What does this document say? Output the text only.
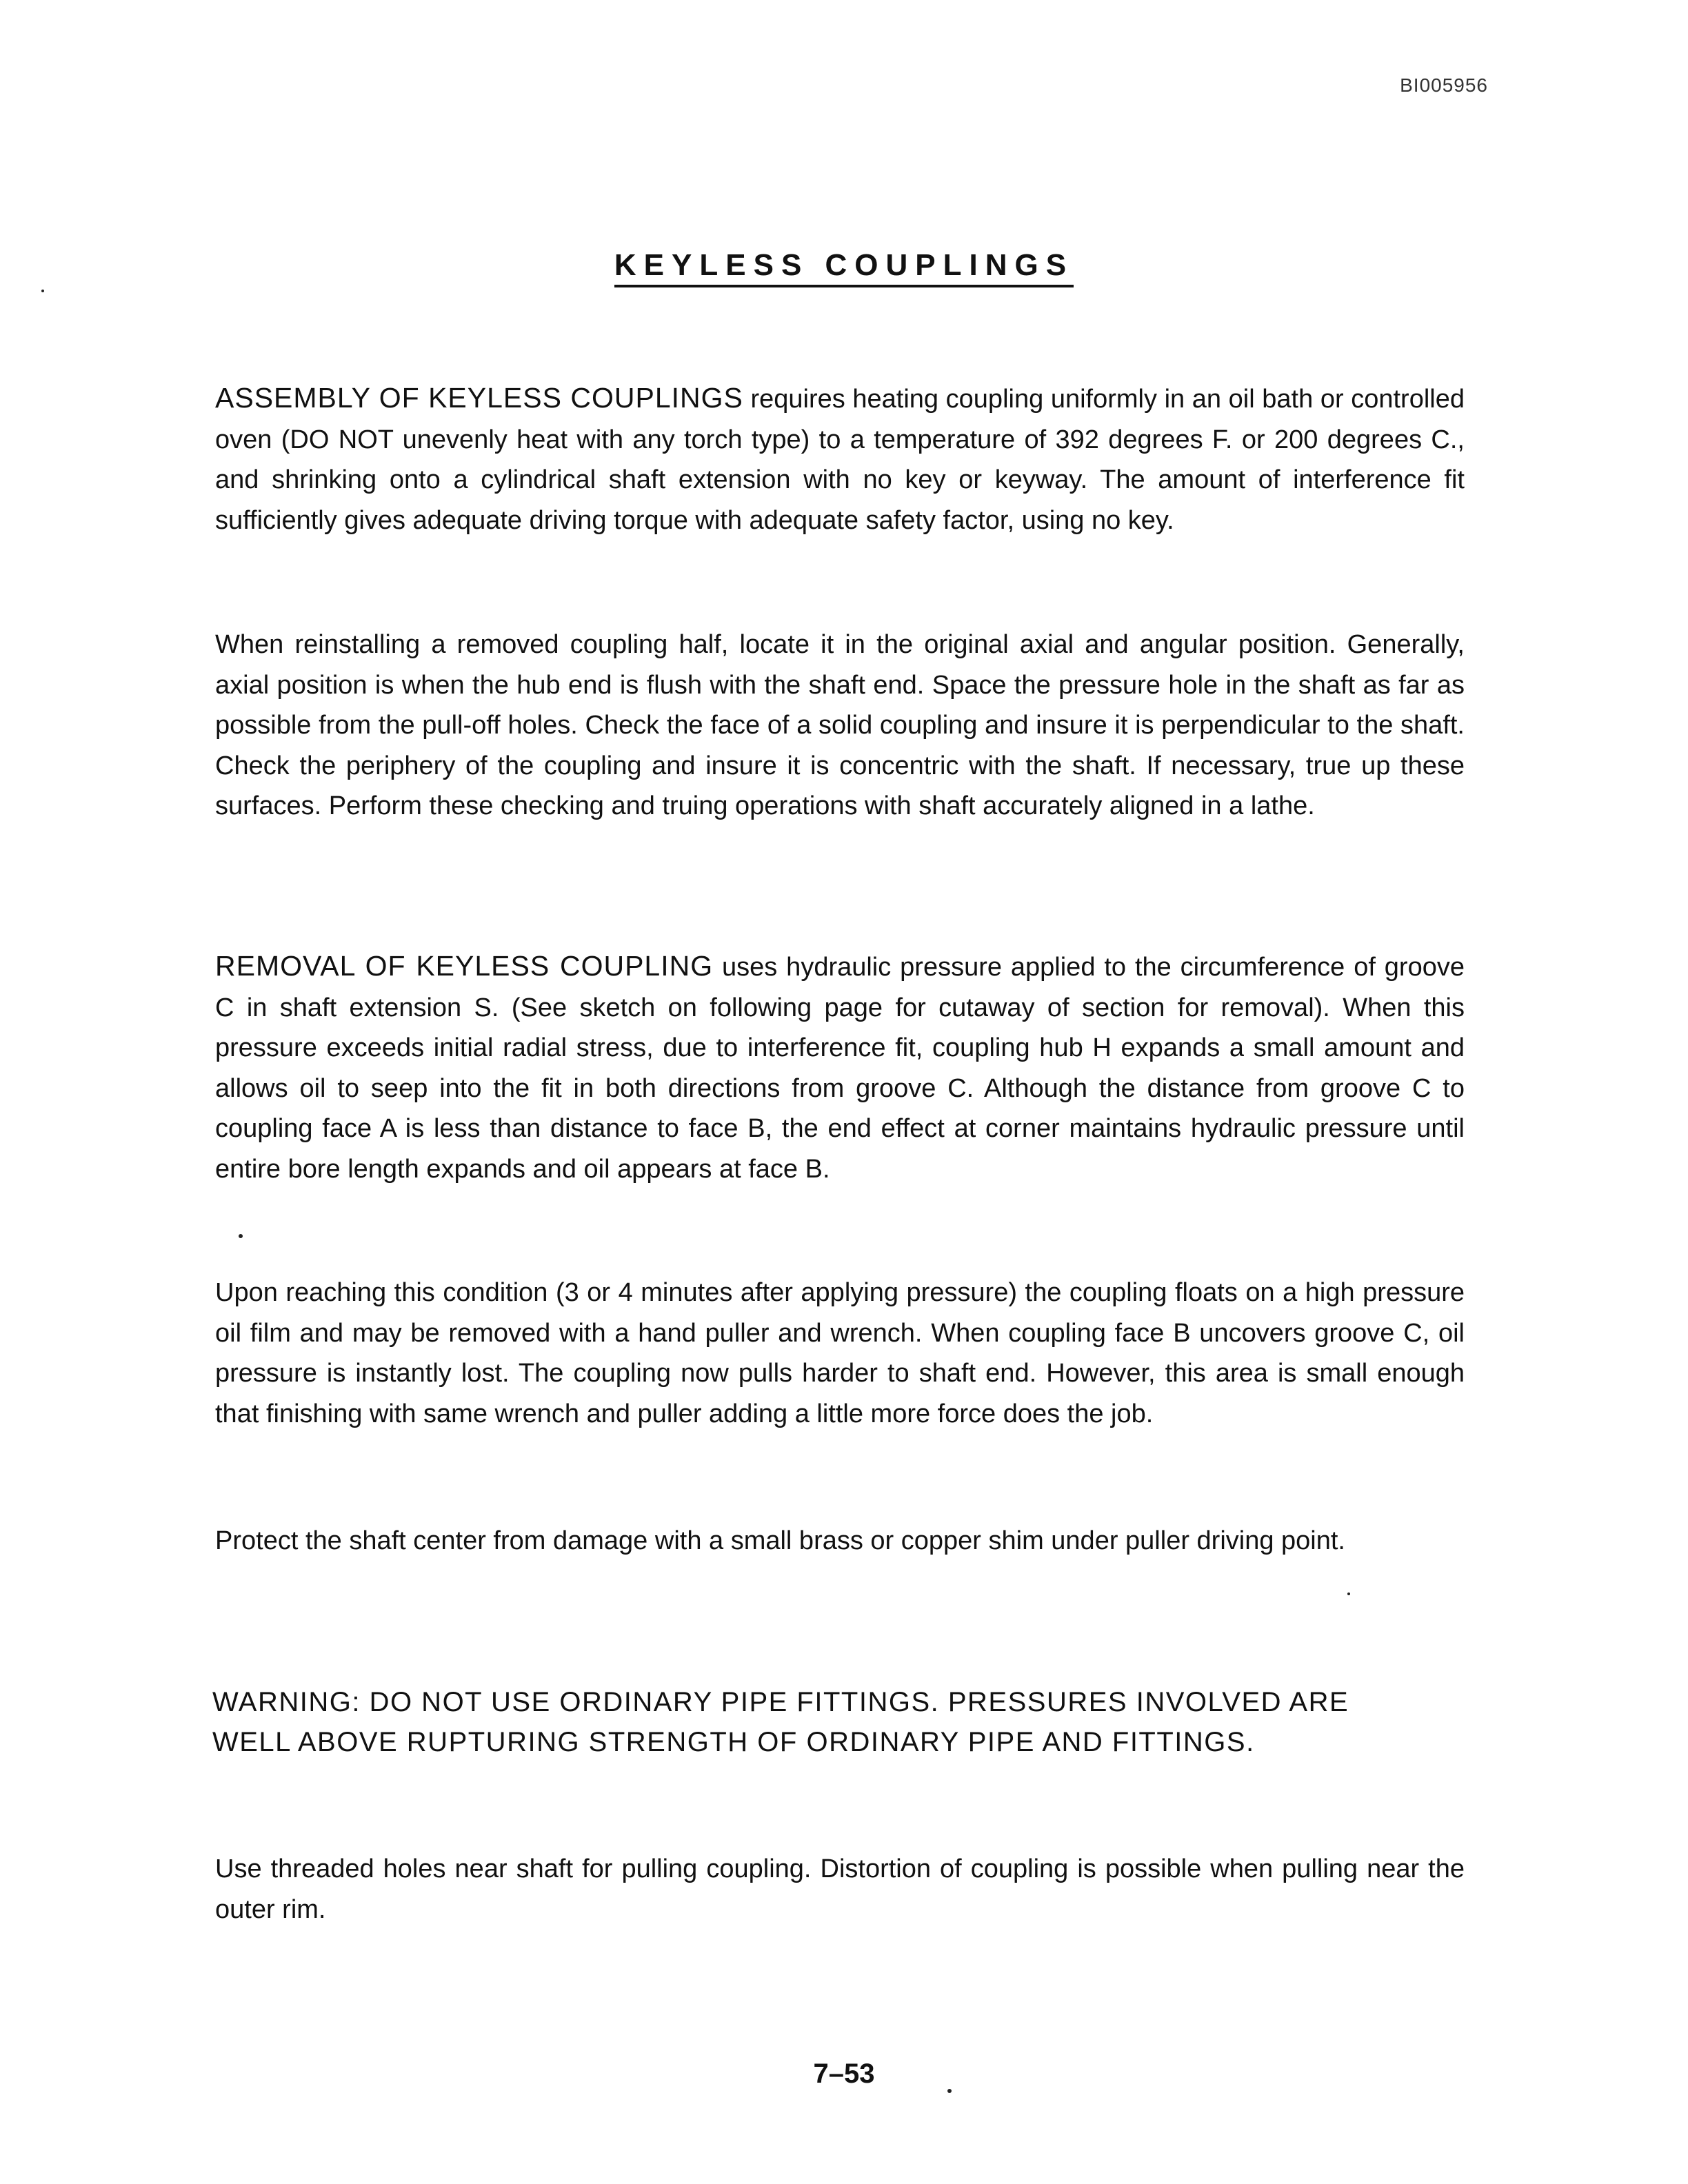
BI005956
KEYLESS COUPLINGS

ASSEMBLY OF KEYLESS COUPLINGS requires heating coupling uniformly in an oil bath or controlled oven (DO NOT unevenly heat with any torch type) to a temperature of 392 degrees F. or 200 degrees C., and shrinking onto a cylindrical shaft extension with no key or keyway. The amount of interference fit sufficiently gives adequate driving torque with adequate safety factor, using no key.

When reinstalling a removed coupling half, locate it in the original axial and angular position. Generally, axial position is when the hub end is flush with the shaft end. Space the pressure hole in the shaft as far as possible from the pull-off holes. Check the face of a solid coupling and insure it is perpendicular to the shaft. Check the periphery of the coupling and insure it is concentric with the shaft. If necessary, true up these surfaces. Perform these checking and truing operations with shaft accurately aligned in a lathe.

REMOVAL OF KEYLESS COUPLING uses hydraulic pressure applied to the circumference of groove C in shaft extension S. (See sketch on following page for cutaway of section for removal). When this pressure exceeds initial radial stress, due to interference fit, coupling hub H expands a small amount and allows oil to seep into the fit in both directions from groove C. Although the distance from groove C to coupling face A is less than distance to face B, the end effect at corner maintains hydraulic pressure until entire bore length expands and oil appears at face B.

Upon reaching this condition (3 or 4 minutes after applying pressure) the coupling floats on a high pressure oil film and may be removed with a hand puller and wrench. When coupling face B uncovers groove C, oil pressure is instantly lost. The coupling now pulls harder to shaft end. However, this area is small enough that finishing with same wrench and puller adding a little more force does the job.

Protect the shaft center from damage with a small brass or copper shim under puller driving point.

WARNING: DO NOT USE ORDINARY PIPE FITTINGS. PRESSURES INVOLVED ARE
WELL ABOVE RUPTURING STRENGTH OF ORDINARY PIPE AND FITTINGS.

Use threaded holes near shaft for pulling coupling. Distortion of coupling is possible when pulling near the outer rim.

7–53
